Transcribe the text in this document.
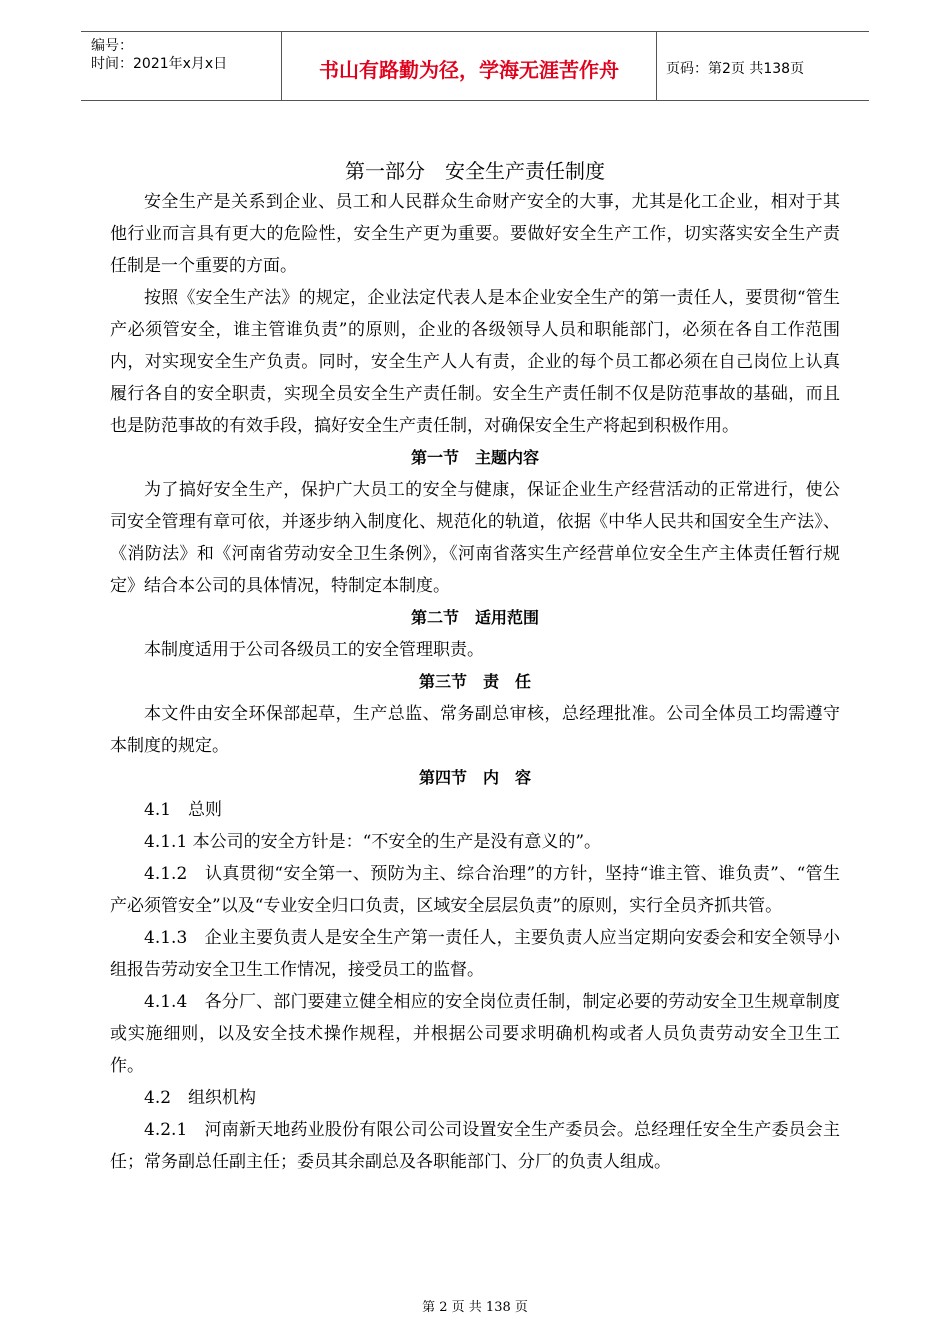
编号：
时间：2021年x月x日	书山有路勤为径，学海无涯苦作舟	页码：第2页 共138页
第一部分　安全生产责任制度

安全生产是关系到企业、员工和人民群众生命财产安全的大事，尤其是化工企业，相对于其他行业而言具有更大的危险性，安全生产更为重要。要做好安全生产工作，切实落实安全生产责任制是一个重要的方面。

按照《安全生产法》的规定，企业法定代表人是本企业安全生产的第一责任人，要贯彻“管生产必须管安全，谁主管谁负责”的原则，企业的各级领导人员和职能部门，必须在各自工作范围内，对实现安全生产负责。同时，安全生产人人有责，企业的每个员工都必须在自己岗位上认真履行各自的安全职责，实现全员安全生产责任制。安全生产责任制不仅是防范事故的基础，而且也是防范事故的有效手段，搞好安全生产责任制，对确保安全生产将起到积极作用。

第一节　主题内容

为了搞好安全生产，保护广大员工的安全与健康，保证企业生产经营活动的正常进行，使公司安全管理有章可依，并逐步纳入制度化、规范化的轨道，依据《中华人民共和国安全生产法》、《消防法》和《河南省劳动安全卫生条例》，《河南省落实生产经营单位安全生产主体责任暂行规定》结合本公司的具体情况，特制定本制度。

第二节　适用范围

本制度适用于公司各级员工的安全管理职责。

第三节　责　任

本文件由安全环保部起草，生产总监、常务副总审核，总经理批准。公司全体员工均需遵守本制度的规定。

第四节　内　容

4.1　总则

4.1.1 本公司的安全方针是：“不安全的生产是没有意义的”。

4.1.2　认真贯彻“安全第一、预防为主、综合治理”的方针，坚持“谁主管、谁负责”、“管生产必须管安全”以及“专业安全归口负责，区域安全层层负责”的原则，实行全员齐抓共管。

4.1.3　企业主要负责人是安全生产第一责任人，主要负责人应当定期向安委会和安全领导小组报告劳动安全卫生工作情况，接受员工的监督。

4.1.4　各分厂、部门要建立健全相应的安全岗位责任制，制定必要的劳动安全卫生规章制度或实施细则，以及安全技术操作规程，并根据公司要求明确机构或者人员负责劳动安全卫生工作。

4.2　组织机构

4.2.1　河南新天地药业股份有限公司公司设置安全生产委员会。总经理任安全生产委员会主任；常务副总任副主任；委员其余副总及各职能部门、分厂的负责人组成。

第 2 页 共 138 页
